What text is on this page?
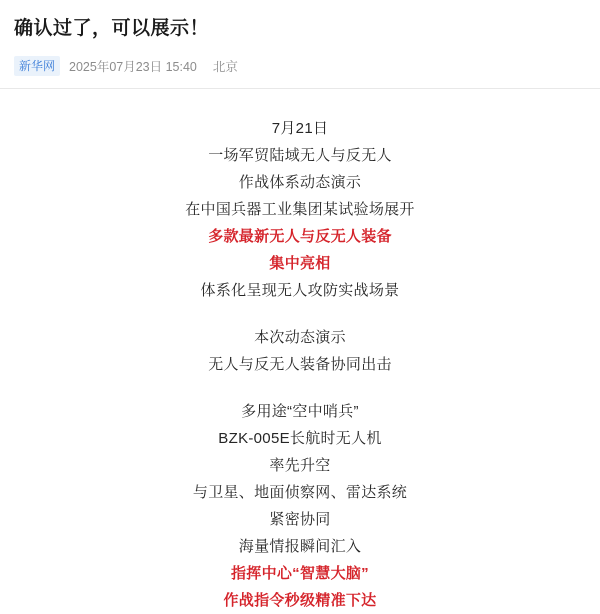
确认过了，可以展示！
新华网	2025年07月23日 15:40 北京
7月21日
一场军贸陆域无人与反无人
作战体系动态演示
在中国兵器工业集团某试验场展开
多款最新无人与反无人装备
集中亮相
体系化呈现无人攻防实战场景
本次动态演示
无人与反无人装备协同出击
多用途“空中哨兵”
BZK-005E长航时无人机
率先升空
与卫星、地面侦察网、雷达系统
紧密协同
海量情报瞬间汇入
指挥中心“智慧大脑”
作战指令秒级精准下达
